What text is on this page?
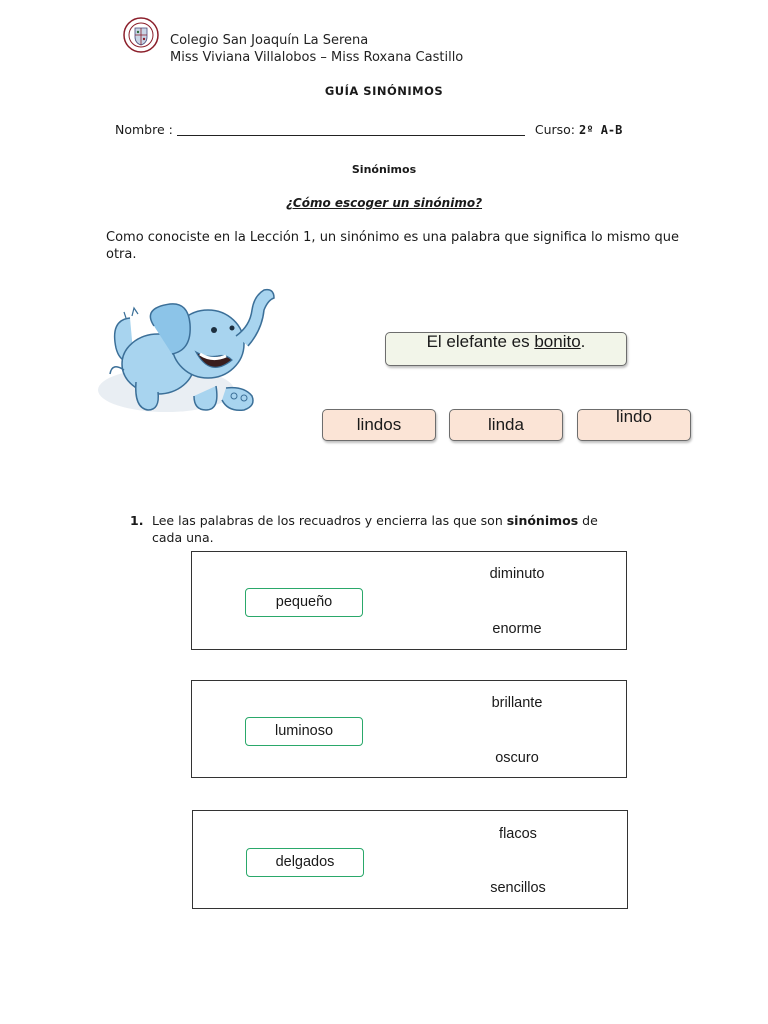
Colegio San Joaquín La Serena
Miss Viviana Villalobos – Miss Roxana Castillo
GUÍA SINÓNIMOS
Nombre :	Curso: 2º A-B
Sinónimos
¿Cómo escoger un sinónimo?
Como conociste en la Lección 1, un sinónimo es una palabra que significa lo mismo que otra.
El elefante es bonito.
lindos	linda	lindo
1. Lee las palabras de los recuadros y encierra las que son sinónimos de
cada una.
pequeño
diminuto
enorme
luminoso
brillante
oscuro
delgados
flacos
sencillos
